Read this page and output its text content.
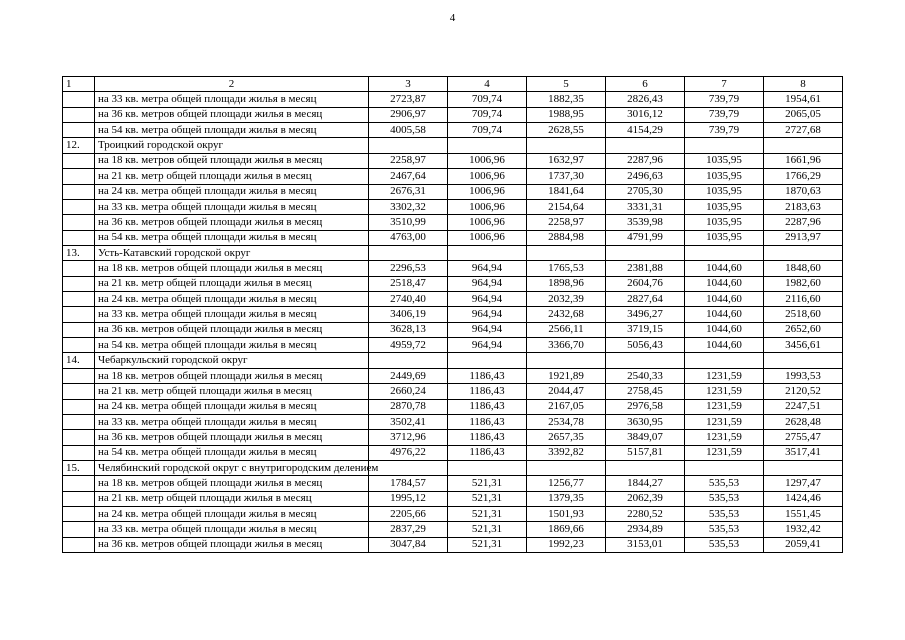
4
1	2	3	4	5	6	7	8
	на 33 кв. метра общей площади жилья в месяц	2723,87	709,74	1882,35	2826,43	739,79	1954,61
	на 36 кв. метров общей площади жилья в месяц	2906,97	709,74	1988,95	3016,12	739,79	2065,05
	на 54 кв. метра общей площади жилья в месяц	4005,58	709,74	2628,55	4154,29	739,79	2727,68
12.	Троицкий городской округ						
	на 18 кв. метров общей площади жилья в месяц	2258,97	1006,96	1632,97	2287,96	1035,95	1661,96
	на 21 кв. метр общей площади жилья в месяц	2467,64	1006,96	1737,30	2496,63	1035,95	1766,29
	на 24 кв. метра общей площади жилья в месяц	2676,31	1006,96	1841,64	2705,30	1035,95	1870,63
	на 33 кв. метра общей площади жилья в месяц	3302,32	1006,96	2154,64	3331,31	1035,95	2183,63
	на 36 кв. метров общей площади жилья в месяц	3510,99	1006,96	2258,97	3539,98	1035,95	2287,96
	на 54 кв. метра общей площади жилья в месяц	4763,00	1006,96	2884,98	4791,99	1035,95	2913,97
13.	Усть-Катавский городской округ						
	на 18 кв. метров общей площади жилья в месяц	2296,53	964,94	1765,53	2381,88	1044,60	1848,60
	на 21 кв. метр общей площади жилья в месяц	2518,47	964,94	1898,96	2604,76	1044,60	1982,60
	на 24 кв. метра общей площади жилья в месяц	2740,40	964,94	2032,39	2827,64	1044,60	2116,60
	на 33 кв. метра общей площади жилья в месяц	3406,19	964,94	2432,68	3496,27	1044,60	2518,60
	на 36 кв. метров общей площади жилья в месяц	3628,13	964,94	2566,11	3719,15	1044,60	2652,60
	на 54 кв. метра общей площади жилья в месяц	4959,72	964,94	3366,70	5056,43	1044,60	3456,61
14.	Чебаркульский городской округ						
	на 18 кв. метров общей площади жилья в месяц	2449,69	1186,43	1921,89	2540,33	1231,59	1993,53
	на 21 кв. метр общей площади жилья в месяц	2660,24	1186,43	2044,47	2758,45	1231,59	2120,52
	на 24 кв. метра общей площади жилья в месяц	2870,78	1186,43	2167,05	2976,58	1231,59	2247,51
	на 33 кв. метра общей площади жилья в месяц	3502,41	1186,43	2534,78	3630,95	1231,59	2628,48
	на 36 кв. метров общей площади жилья в месяц	3712,96	1186,43	2657,35	3849,07	1231,59	2755,47
	на 54 кв. метра общей площади жилья в месяц	4976,22	1186,43	3392,82	5157,81	1231,59	3517,41
15.	Челябинский городской округ с внутригородским делением						
	на 18 кв. метров общей площади жилья в месяц	1784,57	521,31	1256,77	1844,27	535,53	1297,47
	на 21 кв. метр общей площади жилья в месяц	1995,12	521,31	1379,35	2062,39	535,53	1424,46
	на 24 кв. метра общей площади жилья в месяц	2205,66	521,31	1501,93	2280,52	535,53	1551,45
	на 33 кв. метра общей площади жилья в месяц	2837,29	521,31	1869,66	2934,89	535,53	1932,42
	на 36 кв. метров общей площади жилья в месяц	3047,84	521,31	1992,23	3153,01	535,53	2059,41
